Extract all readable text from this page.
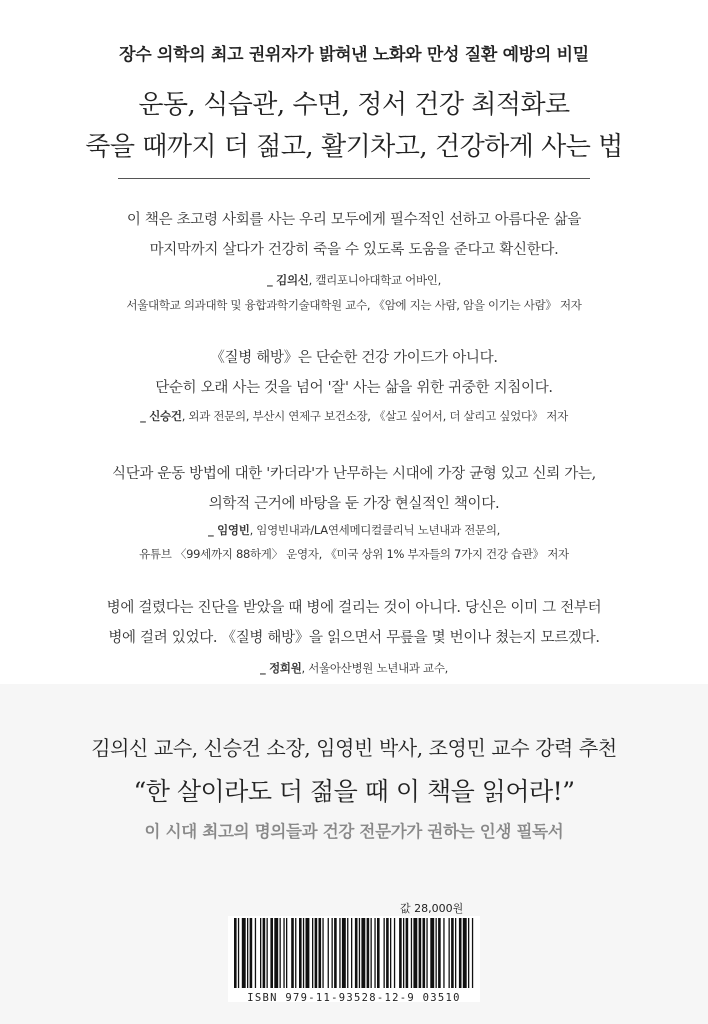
장수 의학의 최고 권위자가 밝혀낸 노화와 만성 질환 예방의 비밀
운동, 식습관, 수면, 정서 건강 최적화로
죽을 때까지 더 젊고, 활기차고, 건강하게 사는 법
이 책은 초고령 사회를 사는 우리 모두에게 필수적인 선하고 아름다운 삶을
마지막까지 살다가 건강히 죽을 수 있도록 도움을 준다고 확신한다.
_ 김의신, 캘리포니아대학교 어바인,
서울대학교 의과대학 및 융합과학기술대학원 교수, 《암에 지는 사람, 암을 이기는 사람》 저자
《질병 해방》은 단순한 건강 가이드가 아니다.
단순히 오래 사는 것을 넘어 '잘' 사는 삶을 위한 귀중한 지침이다.
_ 신승건, 외과 전문의, 부산시 연제구 보건소장, 《살고 싶어서, 더 살리고 싶었다》 저자
식단과 운동 방법에 대한 '카더라'가 난무하는 시대에 가장 균형 있고 신뢰 가는,
의학적 근거에 바탕을 둔 가장 현실적인 책이다.
_ 임영빈, 임영빈내과/LA연세메디컬클리닉 노년내과 전문의,
유튜브 〈99세까지 88하게〉 운영자, 《미국 상위 1% 부자들의 7가지 건강 습관》 저자
병에 걸렸다는 진단을 받았을 때 병에 걸리는 것이 아니다. 당신은 이미 그 전부터
병에 걸려 있었다. 《질병 해방》을 읽으면서 무릎을 몇 번이나 쳤는지 모르겠다.
_ 정희원, 서울아산병원 노년내과 교수,
김의신 교수, 신승건 소장, 임영빈 박사, 조영민 교수 강력 추천
“한 살이라도 더 젊을 때 이 책을 읽어라!”
이 시대 최고의 명의들과 건강 전문가가 권하는 인생 필독서
값 28,000원
ISBN 979-11-93528-12-9 03510
